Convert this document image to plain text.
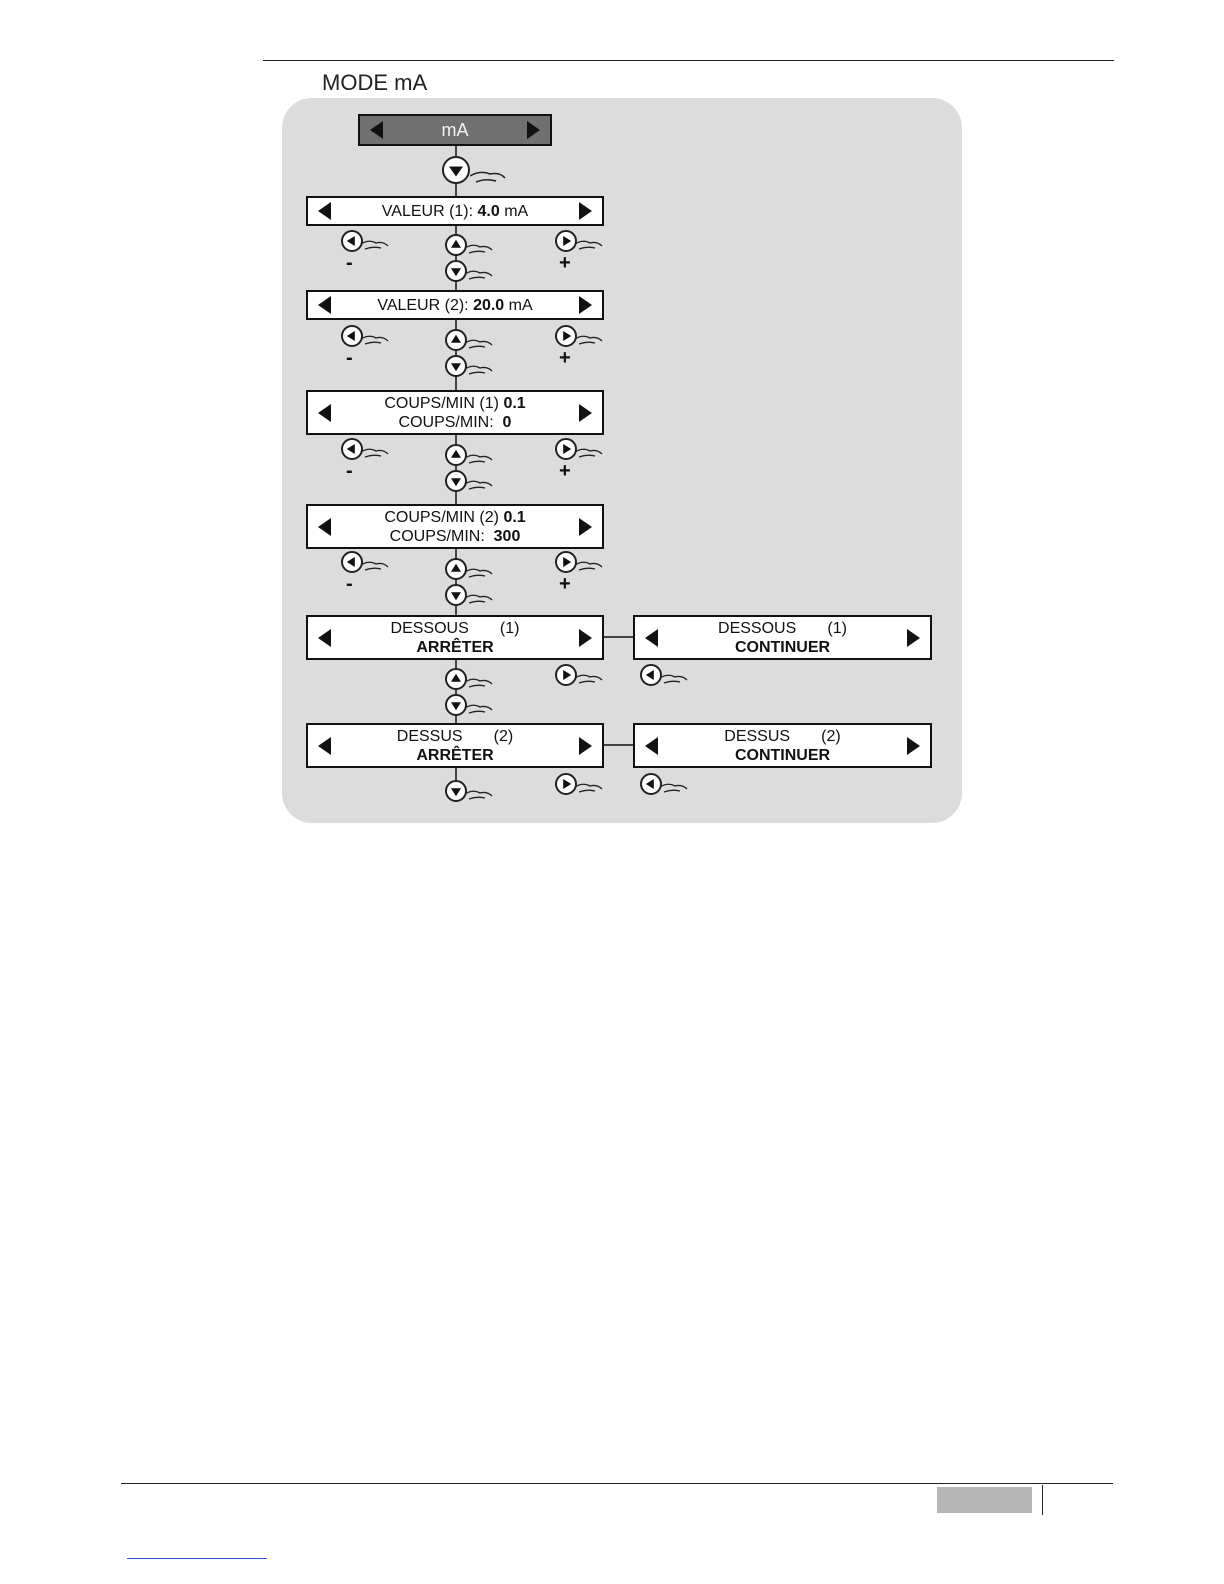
MODE mA
mA
VALEUR (1): 4.0 mA
-	+
VALEUR (2): 20.0 mA
-	+
COUPS/MIN (1) 0.1
COUPS/MIN:  0
-	+
COUPS/MIN (2) 0.1
COUPS/MIN:  300
-	+
DESSOUS       (1)
ARRÊTER
DESSOUS       (1)
CONTINUER
DESSUS       (2)
ARRÊTER
DESSUS       (2)
CONTINUER
